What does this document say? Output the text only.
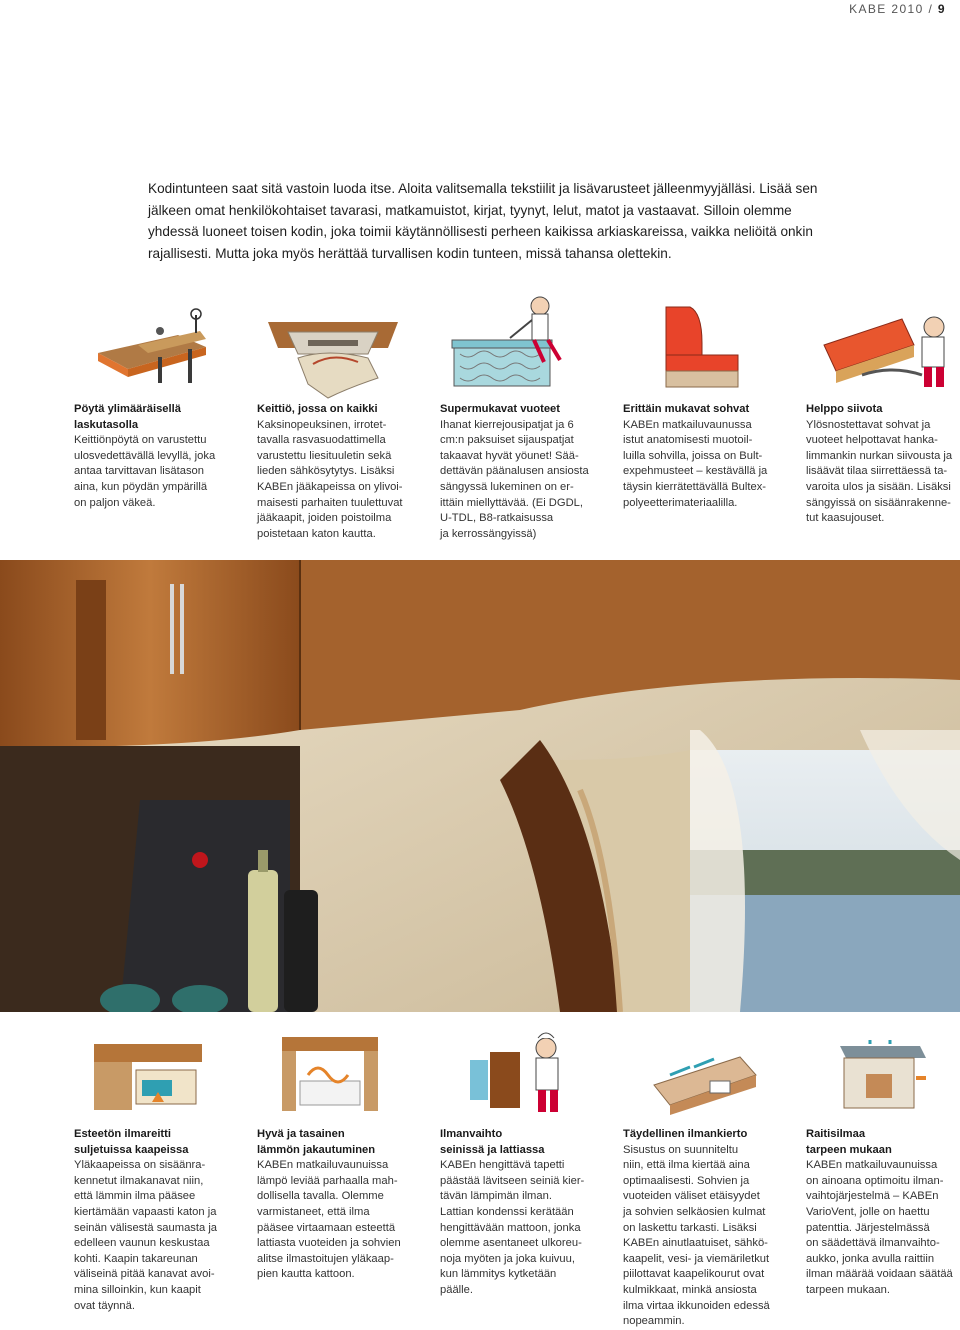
KABE 2010 / 9
Kodintunteen saat sitä vastoin luoda itse. Aloita valitsemalla tekstiilit ja lisävarusteet jälleenmyyjälläsi. Lisää sen jälkeen omat henkilökohtaiset tavarasi, matkamuistot, kirjat, tyynyt, lelut, matot ja vastaavat. Silloin olemme yhdessä luoneet toisen kodin, joka toimii käytännöllisesti perheen kaikissa arkiaskareissa, vaikka neliöitä onkin rajallisesti. Mutta joka myös herättää turvallisen kodin tunteen, missä tahansa olettekin.

Pöytä ylimääräisellä
laskutasolla

Keittiönpöytä on varustettu
ulosvedettävällä levyllä, joka
antaa tarvittavan lisätason
aina, kun pöydän ympärillä
on paljon väkeä.

Keittiö, jossa on kaikki

Kaksinopeuksinen, irrotet-
tavalla rasvasuodattimella
varustettu liesituuletin sekä
lieden sähkösytytys. Lisäksi
KABEn jääkapeissa on ylivoi-
maisesti parhaiten tuulettuvat
jääkaapit, joiden poistoilma
poistetaan katon kautta.

Supermukavat vuoteet

Ihanat kierrejousipatjat ja 6
cm:n paksuiset sijauspatjat
takaavat hyvät yöunet! Sää-
dettävän päänalusen ansiosta
sängyssä lukeminen on er-
ittäin miellyttävää. (Ei DGDL,
U-TDL, B8-ratkaisussa
ja kerrossängyissä)

Erittäin mukavat sohvat

KABEn matkailuvaunussa
istut anatomisesti muotoil-
luilla sohvilla, joissa on Bult-
expehmusteet – kestävällä ja
täysin kierrätettävällä Bultex-
polyeetterimateriaalilla.

Helppo siivota

Ylösnostettavat sohvat ja
vuoteet helpottavat hanka-
limmankin nurkan siivousta ja
lisäävät tilaa siirrettäessä ta-
varoita ulos ja sisään. Lisäksi
sängyissä on sisäänrakenne-
tut kaasujouset.

Esteetön ilmareitti
suljetuissa kaapeissa

Yläkaapeissa on sisäänra-
kennetut ilmakanavat niin,
että lämmin ilma pääsee
kiertämään vapaasti katon ja
seinän välisestä saumasta ja
edelleen vaunun keskustaa
kohti. Kaapin takareunan
väliseinä pitää kanavat avoi-
mina silloinkin, kun kaapit
ovat täynnä.

Hyvä ja tasainen
lämmön jakautuminen

KABEn matkailuvaunuissa
lämpö leviää parhaalla mah-
dollisella tavalla. Olemme
varmistaneet, että ilma
pääsee virtaamaan esteettä
lattiasta vuoteiden ja sohvien
alitse ilmastoitujen yläkaap-
pien kautta kattoon.

Ilmanvaihto
seinissä ja lattiassa

KABEn hengittävä tapetti
päästää lävitseen seiniä kier-
tävän lämpimän ilman.
Lattian kondenssi kerätään
hengittävään mattoon, jonka
olemme asentaneet ulkoreu-
noja myöten ja joka kuivuu,
kun lämmitys kytketään
päälle.

Täydellinen ilmankierto

Sisustus on suunniteltu
niin, että ilma kiertää aina
optimaalisesti. Sohvien ja
vuoteiden väliset etäisyydet
ja sohvien selkäosien kulmat
on laskettu tarkasti. Lisäksi
KABEn ainutlaatuiset, sähkö-
kaapelit, vesi- ja viemäriletkut
piilottavat kaapelikourut ovat
kulmikkaat, minkä ansiosta
ilma virtaa ikkunoiden edessä
nopeammin.

Raitisilmaa
tarpeen mukaan

KABEn matkailuvaunuissa
on ainoana optimoitu ilman-
vaihtojärjestelmä – KABEn
VarioVent, jolle on haettu
patenttia. Järjestelmässä
on säädettävä ilmanvaihto-
aukko, jonka avulla raittiin
ilman määrää voidaan säätää
tarpeen mukaan.
